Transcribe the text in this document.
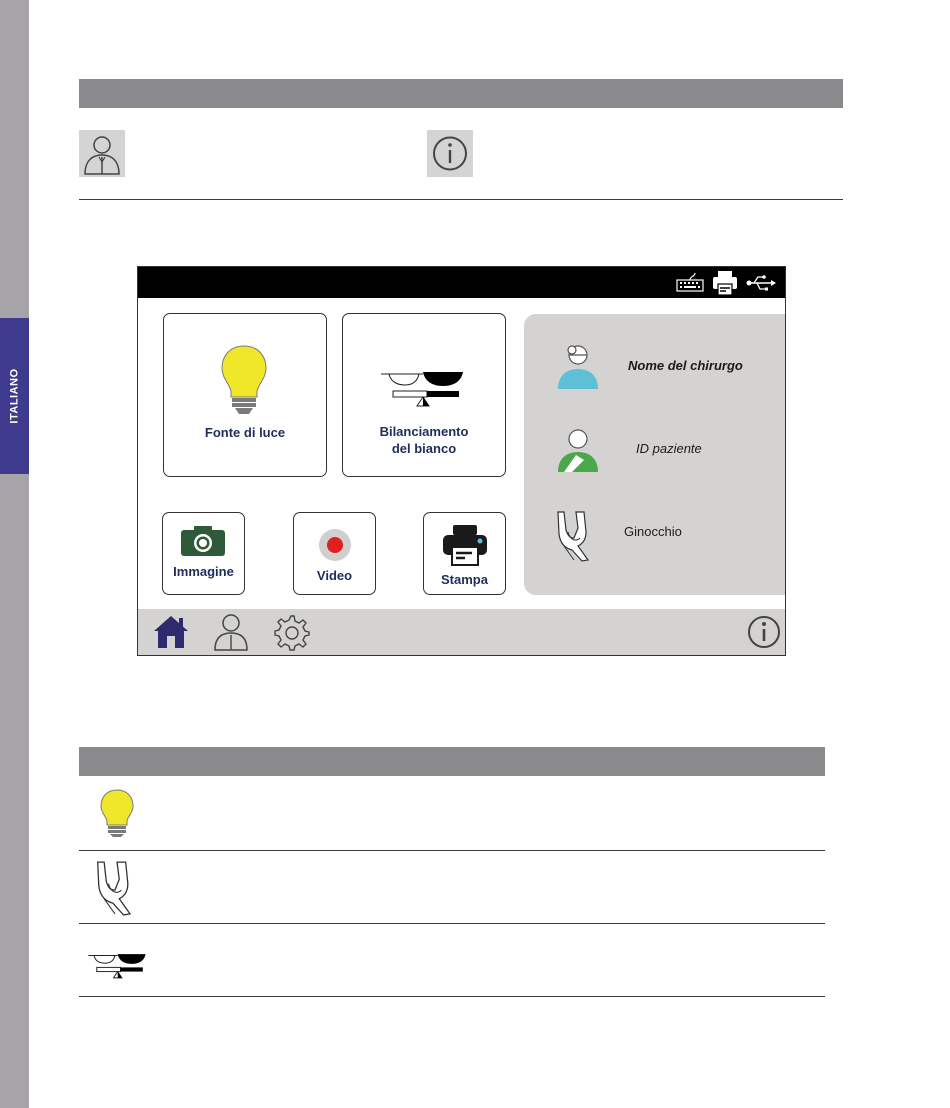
ITALIANO
Fonte di luce	Bilanciamento
del bianco
Immagine	Video	Stampa
Nome del chirurgo
ID paziente
Ginocchio
